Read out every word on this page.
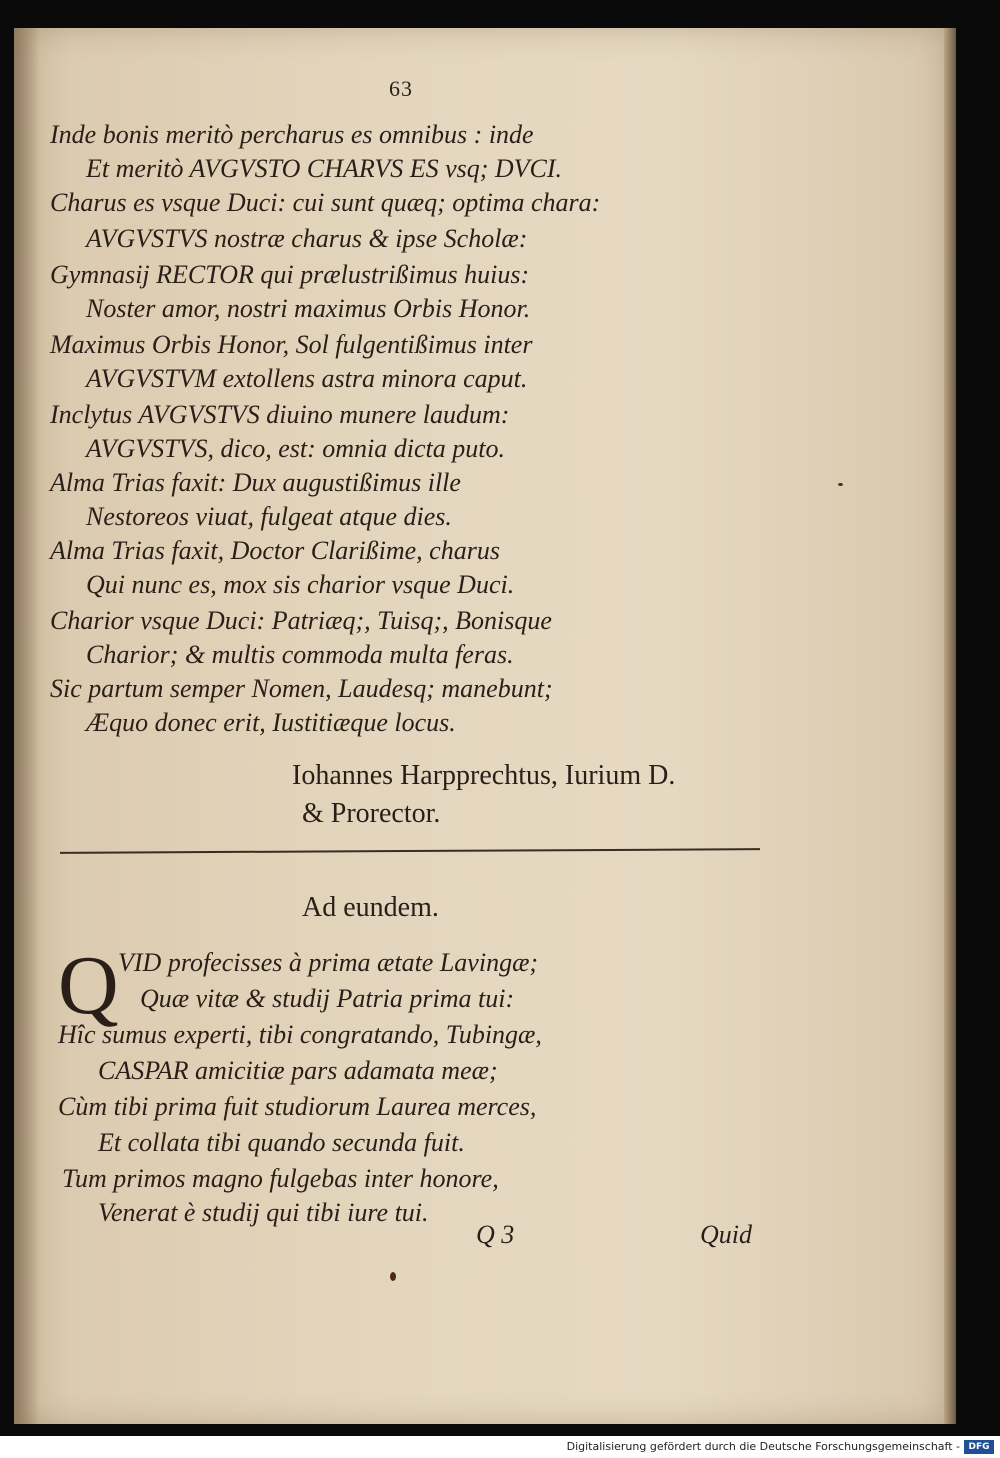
63
Inde bonis meritò percharus es omnibus : inde
Et meritò AVGVSTO CHARVS ES vsq; DVCI.
Charus es vsque Duci: cui sunt quæq; optima chara:
AVGVSTVS nostræ charus & ipse Scholæ:
Gymnasij RECTOR qui prælustrißimus huius:
Noster amor, nostri maximus Orbis Honor.
Maximus Orbis Honor, Sol fulgentißimus inter
AVGVSTVM extollens astra minora caput.
Inclytus AVGVSTVS diuino munere laudum:
AVGVSTVS, dico, est: omnia dicta puto.
Alma Trias faxit: Dux augustißimus ille
Nestoreos viuat, fulgeat atque dies.
Alma Trias faxit, Doctor Clarißime, charus
Qui nunc es, mox sis charior vsque Duci.
Charior vsque Duci: Patriæq;, Tuisq;, Bonisque
Charior; & multis commoda multa feras.
Sic partum semper Nomen, Laudesq; manebunt;
Æquo donec erit, Iustitiæque locus.
Iohannes Harpprechtus, Iurium D.
& Prorector.
Ad eundem.
Q VID profecisses à prima ætate Lavingæ;
Quæ vitæ & studij Patria prima tui:
Hîc sumus experti, tibi congratando, Tubingæ,
CASPAR amicitiæ pars adamata meæ;
Cùm tibi prima fuit studiorum Laurea merces,
Et collata tibi quando secunda fuit.
Tum primos magno fulgebas inter honore,
Venerat è studij qui tibi iure tui.
Q 3	Quid
Digitalisierung gefördert durch die Deutsche Forschungsgemeinschaft - DFG
